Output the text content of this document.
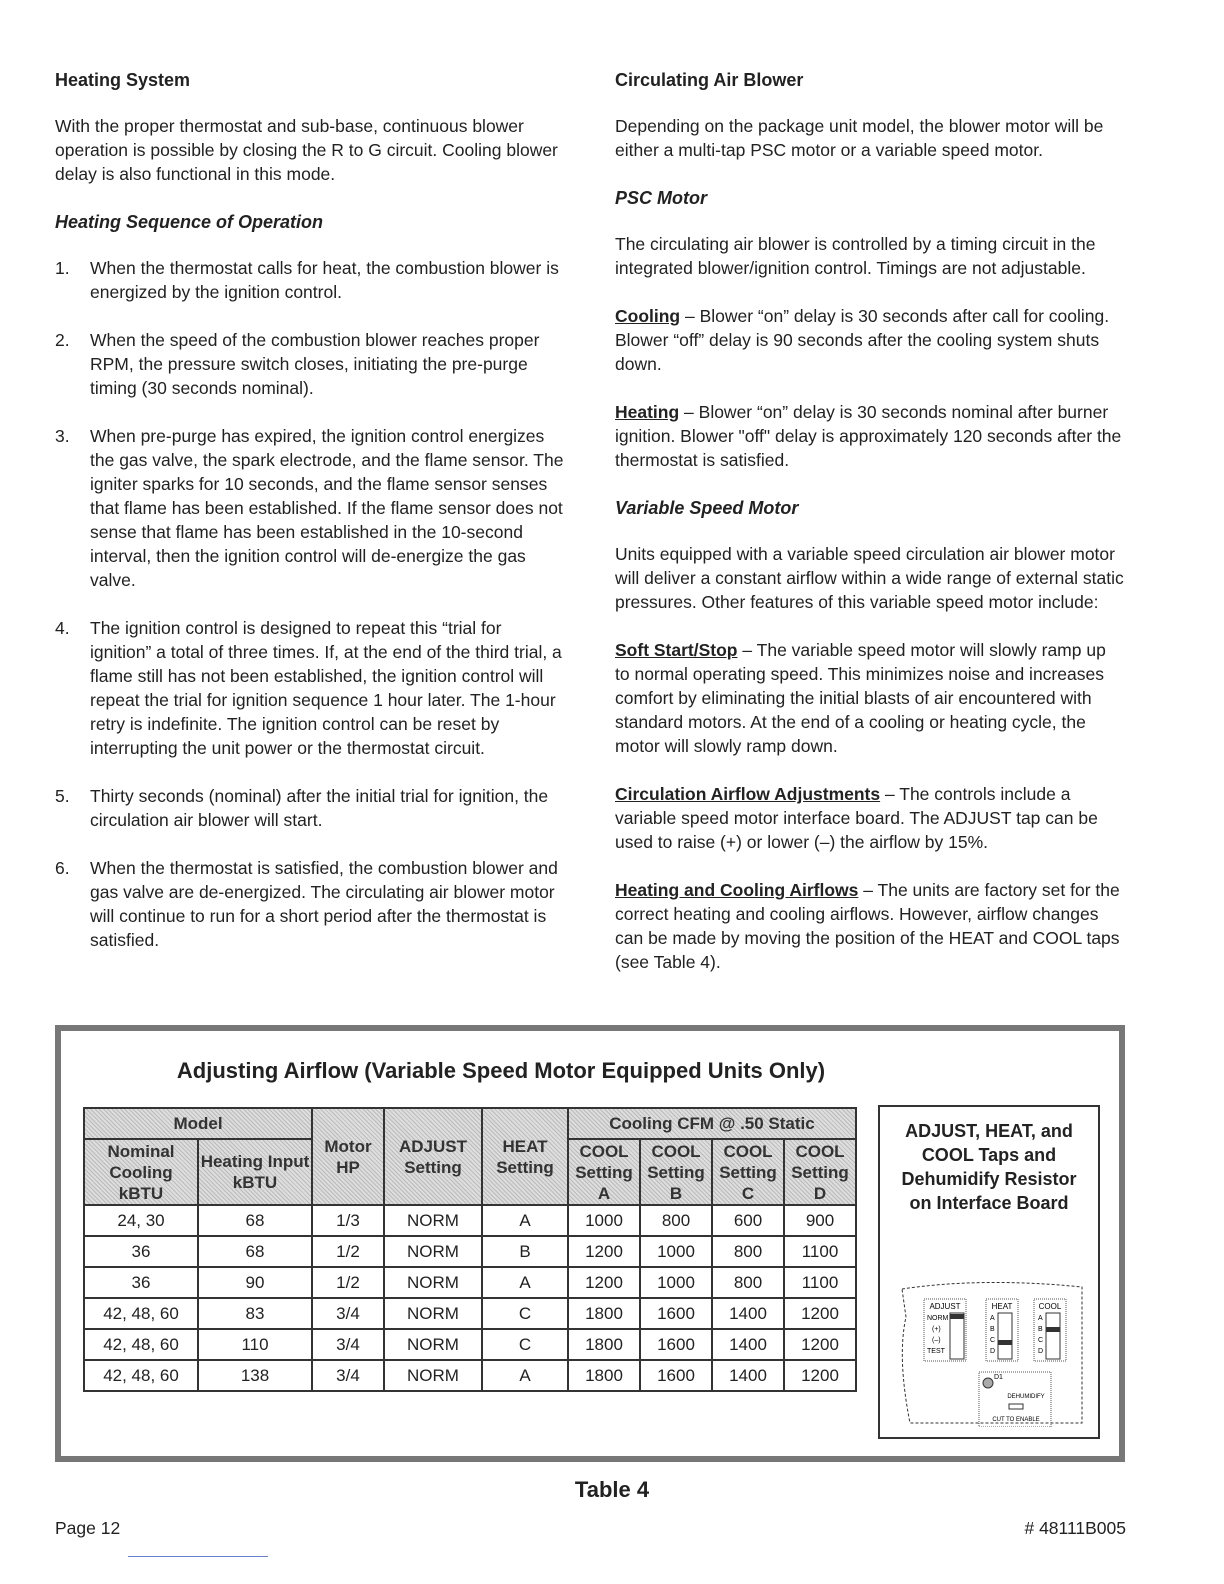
Heating System

With the proper thermostat and sub-base, continuous blower operation is possible by closing the R to G circuit. Cooling blower delay is also functional in this mode.

Heating Sequence of Operation
1. When the thermostat calls for heat, the combustion blower is energized by the ignition control.
2. When the speed of the combustion blower reaches proper RPM, the pressure switch closes, initiating the pre-purge timing (30 seconds nominal).
3. When pre-purge has expired, the ignition control energizes the gas valve, the spark electrode, and the flame sensor. The igniter sparks for 10 seconds, and the flame sensor senses that flame has been established. If the flame sensor does not sense that flame has been established in the 10-second interval, then the ignition control will de-energize the gas valve.
4. The ignition control is designed to repeat this “trial for ignition” a total of three times. If, at the end of the third trial, a flame still has not been established, the ignition control will repeat the trial for ignition sequence 1 hour later. The 1-hour retry is indefinite. The ignition control can be reset by interrupting the unit power or the thermostat circuit.
5. Thirty seconds (nominal) after the initial trial for ignition, the circulation air blower will start.
6. When the thermostat is satisfied, the combustion blower and gas valve are de-energized. The circulating air blower motor will continue to run for a short period after the thermostat is satisfied.
Circulating Air Blower

Depending on the package unit model, the blower motor will be either a multi-tap PSC motor or a variable speed motor.

PSC Motor

The circulating air blower is controlled by a timing circuit in the integrated blower/ignition control. Timings are not adjustable.

Cooling – Blower “on” delay is 30 seconds after call for cooling. Blower “off” delay is 90 seconds after the cooling system shuts down.

Heating – Blower “on” delay is 30 seconds nominal after burner ignition. Blower "off" delay is approximately 120 seconds after the thermostat is satisfied.

Variable Speed Motor

Units equipped with a variable speed circulation air blower motor will deliver a constant airflow within a wide range of external static pressures. Other features of this variable speed motor include:

Soft Start/Stop – The variable speed motor will slowly ramp up to normal operating speed. This minimizes noise and increases comfort by eliminating the initial blasts of air encountered with standard motors. At the end of a cooling or heating cycle, the motor will slowly ramp down.

Circulation Airflow Adjustments – The controls include a variable speed motor interface board. The ADJUST tap can be used to raise (+) or lower (–) the airflow by 15%.

Heating and Cooling Airflows – The units are factory set for the correct heating and cooling airflows. However, airflow changes can be made by moving the position of the HEAT and COOL taps (see Table 4).

Adjusting Airflow (Variable Speed Motor Equipped Units Only)
Model		Motor HP	ADJUST Setting	HEAT Setting	Cooling CFM @ .50 Static			
Nominal Cooling kBTU	Heating Input kBTU				COOL Setting A	COOL Setting B	COOL Setting C	COOL Setting D
24, 30	68	1/3	NORM	A	1000	800	600	900
36	68	1/2	NORM	B	1200	1000	800	1100
36	90	1/2	NORM	A	1200	1000	800	1100
42, 48, 60	83	3/4	NORM	C	1800	1600	1400	1200
42, 48, 60	110	3/4	NORM	C	1800	1600	1400	1200
42, 48, 60	138	3/4	NORM	A	1800	1600	1400	1200
ADJUST, HEAT, and COOL Taps and Dehumidify Resistor on Interface Board
ADJUST
NORM
(+)
(–)
TEST
HEAT	COOL
A
B
C
D
A
B
C
D
D1
DEHUMIDIFY
CUT TO ENABLE
Table 4
Page 12	# 48111B005
